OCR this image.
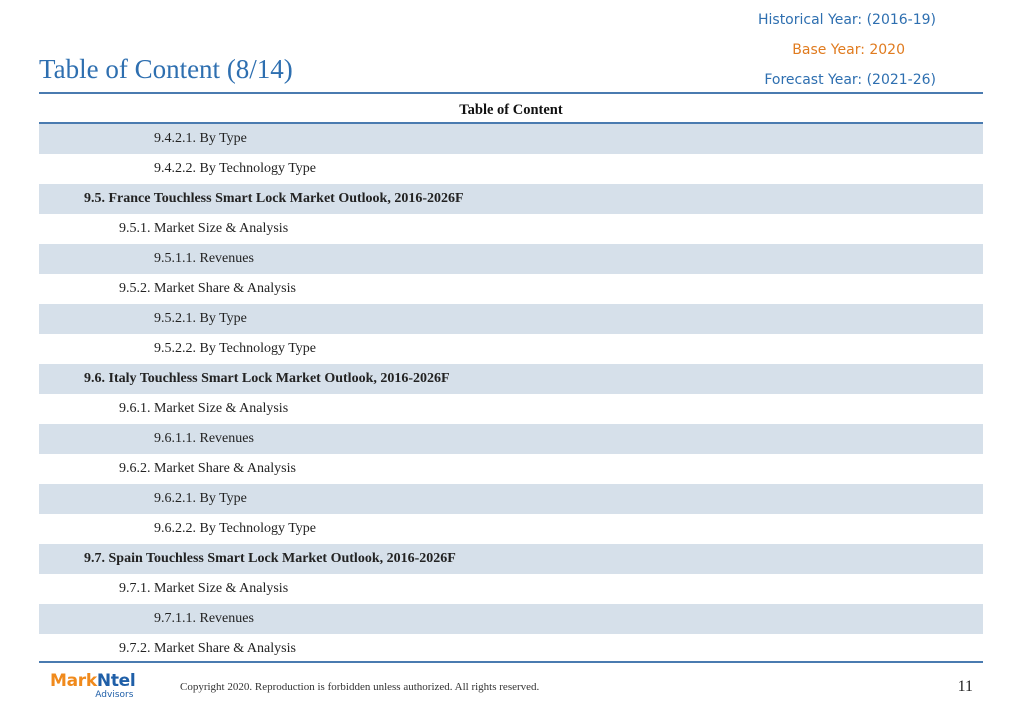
Table of Content (8/14)
Historical Year: (2016-19)
Base Year: 2020
Forecast Year: (2021-26)
Table of Content
9.4.2.1. By Type
9.4.2.2. By Technology Type
9.5. France Touchless Smart Lock Market Outlook, 2016-2026F
9.5.1. Market Size & Analysis
9.5.1.1. Revenues
9.5.2. Market Share & Analysis
9.5.2.1. By Type
9.5.2.2. By Technology Type
9.6. Italy Touchless Smart Lock Market Outlook, 2016-2026F
9.6.1. Market Size & Analysis
9.6.1.1. Revenues
9.6.2. Market Share & Analysis
9.6.2.1. By Type
9.6.2.2. By Technology Type
9.7. Spain Touchless Smart Lock Market Outlook, 2016-2026F
9.7.1. Market Size & Analysis
9.7.1.1. Revenues
9.7.2. Market Share & Analysis
MarkNtel
Advisors
Copyright 2020. Reproduction is forbidden unless authorized. All rights reserved.	11
